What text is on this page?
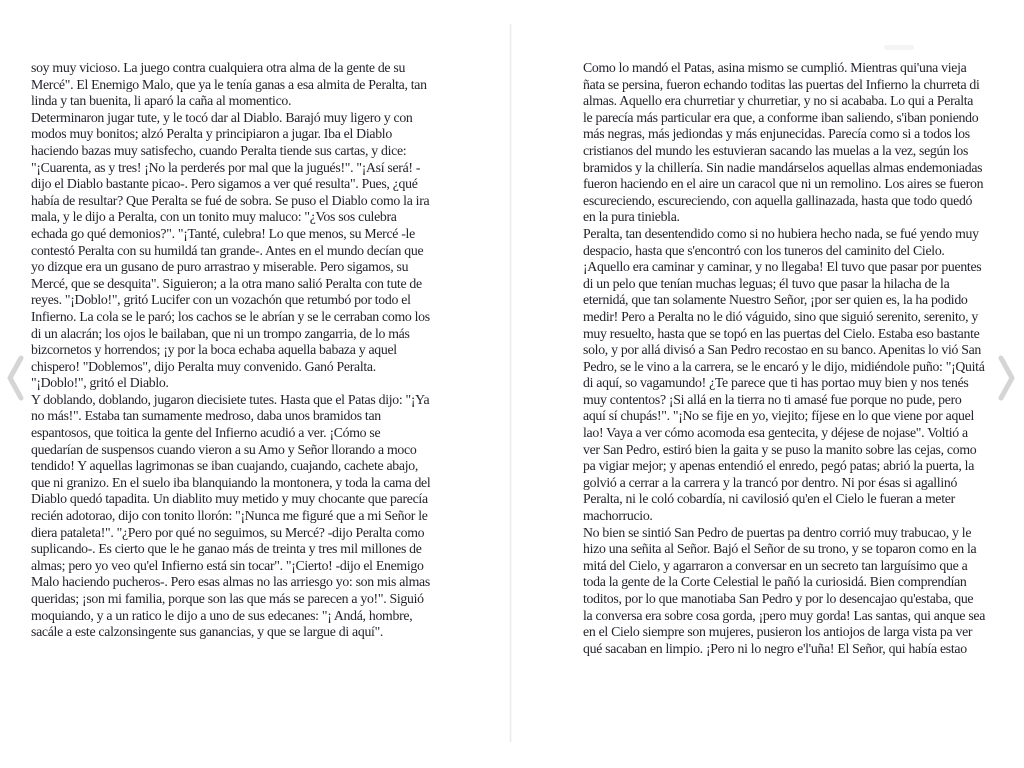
soy muy vicioso. La juego contra cualquiera otra alma de la gente de su
Mercé". El Enemigo Malo, que ya le tenía ganas a esa almita de Peralta, tan
linda y tan buenita, li aparó la caña al momentico.
Determinaron jugar tute, y le tocó dar al Diablo. Barajó muy ligero y con
modos muy bonitos; alzó Peralta y principiaron a jugar. Iba el Diablo
haciendo bazas muy satisfecho, cuando Peralta tiende sus cartas, y dice:
"¡Cuarenta, as y tres! ¡No la perderés por mal que la jugués!". "¡Así será! -
dijo el Diablo bastante picao-. Pero sigamos a ver qué resulta". Pues, ¿qué
había de resultar? Que Peralta se fué de sobra. Se puso el Diablo como la ira
mala, y le dijo a Peralta, con un tonito muy maluco: "¿Vos sos culebra
echada go qué demonios?". "¡Tanté, culebra! Lo que menos, su Mercé -le
contestó Peralta con su humildá tan grande-. Antes en el mundo decían que
yo dizque era un gusano de puro arrastrao y miserable. Pero sigamos, su
Mercé, que se desquita". Siguieron; a la otra mano salió Peralta con tute de
reyes. "¡Doblo!", gritó Lucifer con un vozachón que retumbó por todo el
Infierno. La cola se le paró; los cachos se le abrían y se le cerraban como los
di un alacrán; los ojos le bailaban, que ni un trompo zangarria, de lo más
bizcornetos y horrendos; ¡y por la boca echaba aquella babaza y aquel
chispero! "Doblemos", dijo Peralta muy convenido. Ganó Peralta.
"¡Doblo!", gritó el Diablo.
Y doblando, doblando, jugaron diecisiete tutes. Hasta que el Patas dijo: "¡Ya
no más!". Estaba tan sumamente medroso, daba unos bramidos tan
espantosos, que toitica la gente del Infierno acudió a ver. ¡Cómo se
quedarían de suspensos cuando vieron a su Amo y Señor llorando a moco
tendido! Y aquellas lagrimonas se iban cuajando, cuajando, cachete abajo,
que ni granizo. En el suelo iba blanquiando la montonera, y toda la cama del
Diablo quedó tapadita. Un diablito muy metido y muy chocante que parecía
recién adotorao, dijo con tonito llorón: "¡Nunca me figuré que a mi Señor le
diera pataleta!". "¿Pero por qué no seguimos, su Mercé? -dijo Peralta como
suplicando-. Es cierto que le he ganao más de treinta y tres mil millones de
almas; pero yo veo qu'el Infierno está sin tocar". "¡Cierto! -dijo el Enemigo
Malo haciendo pucheros-. Pero esas almas no las arriesgo yo: son mis almas
queridas; ¡son mi familia, porque son las que más se parecen a yo!". Siguió
moquiando, y a un ratico le dijo a uno de sus edecanes: "¡ Andá, hombre,
sacále a este calzonsingente sus ganancias, y que se largue di aquí".
Como lo mandó el Patas, asina mismo se cumplió. Mientras qui'una vieja
ñata se persina, fueron echando toditas las puertas del Infierno la churreta di
almas. Aquello era churretiar y churretiar, y no si acababa. Lo qui a Peralta
le parecía más particular era que, a conforme iban saliendo, s'iban poniendo
más negras, más jediondas y más enjunecidas. Parecía como si a todos los
cristianos del mundo les estuvieran sacando las muelas a la vez, según los
bramidos y la chillería. Sin nadie mandárselos aquellas almas endemoniadas
fueron haciendo en el aire un caracol que ni un remolino. Los aires se fueron
escureciendo, escureciendo, con aquella gallinazada, hasta que todo quedó
en la pura tiniebla.
Peralta, tan desentendido como si no hubiera hecho nada, se fué yendo muy
despacio, hasta que s'encontró con los tuneros del caminito del Cielo.
¡Aquello era caminar y caminar, y no llegaba! El tuvo que pasar por puentes
di un pelo que tenían muchas leguas; él tuvo que pasar la hilacha de la
eternidá, que tan solamente Nuestro Señor, ¡por ser quien es, la ha podido
medir! Pero a Peralta no le dió váguido, sino que siguió serenito, serenito, y
muy resuelto, hasta que se topó en las puertas del Cielo. Estaba eso bastante
solo, y por allá divisó a San Pedro recostao en su banco. Apenitas lo vió San
Pedro, se le vino a la carrera, se le encaró y le dijo, midiéndole puño: "¡Quitá
di aquí, so vagamundo! ¿Te parece que ti has portao muy bien y nos tenés
muy contentos? ¡Si allá en la tierra no ti amasé fue porque no pude, pero
aquí sí chupás!". "¡No se fije en yo, viejito; fíjese en lo que viene por aquel
lao! Vaya a ver cómo acomoda esa gentecita, y déjese de nojase". Voltió a
ver San Pedro, estiró bien la gaita y se puso la manito sobre las cejas, como
pa vigiar mejor; y apenas entendió el enredo, pegó patas; abrió la puerta, la
golvió a cerrar a la carrera y la trancó por dentro. Ni por ésas si agallinó
Peralta, ni le coló cobardía, ni cavilosió qu'en el Cielo le fueran a meter
machorrucio.
No bien se sintió San Pedro de puertas pa dentro corrió muy trabucao, y le
hizo una señita al Señor. Bajó el Señor de su trono, y se toparon como en la
mitá del Cielo, y agarraron a conversar en un secreto tan larguísimo que a
toda la gente de la Corte Celestial le pañó la curiosidá. Bien comprendían
toditos, por lo que manotiaba San Pedro y por lo desencajao qu'estaba, que
la conversa era sobre cosa gorda, ¡pero muy gorda! Las santas, qui anque sea
en el Cielo siempre son mujeres, pusieron los antiojos de larga vista pa ver
qué sacaban en limpio. ¡Pero ni lo negro e'l'uña! El Señor, qui había estao
